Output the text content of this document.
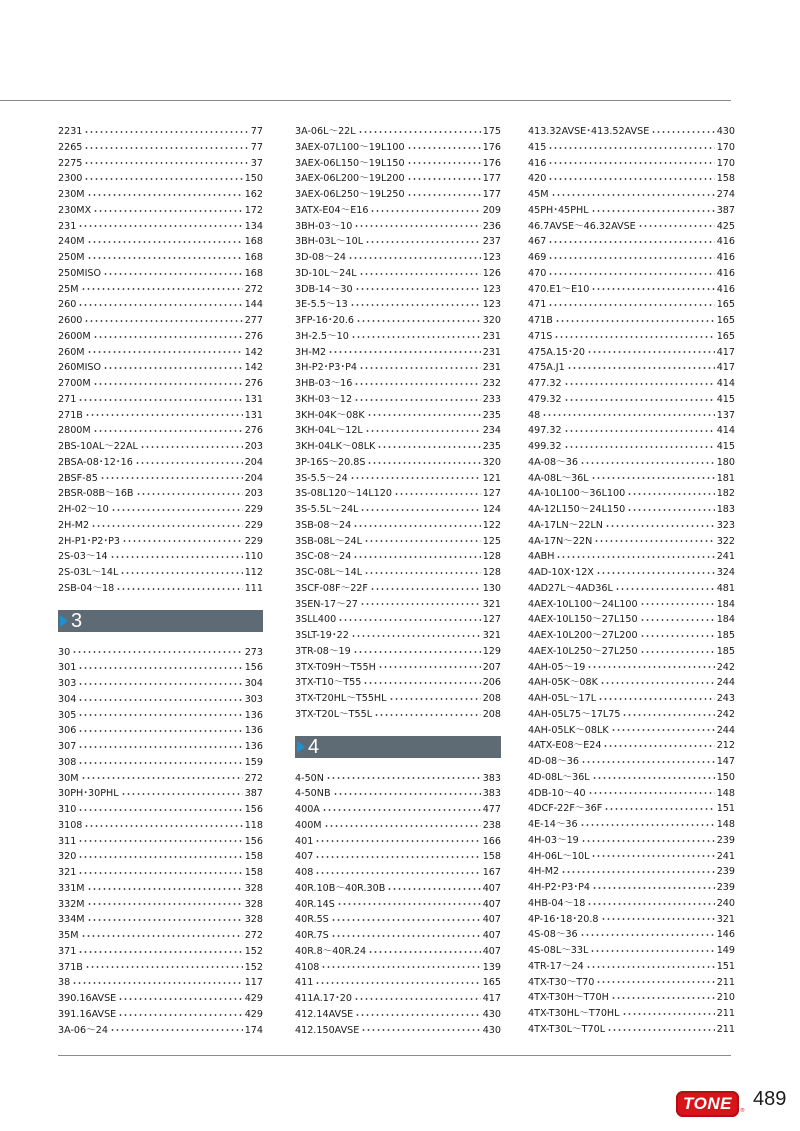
2231	77
2265	77
2275	37
2300	150
230M	162
230MX	172
231	134
240M	168
250M	168
250MISO	168
25M	272
260	144
2600	277
2600M	276
260M	142
260MISO	142
2700M	276
271	131
271B	131
2800M	276
2BS-10AL〜22AL	203
2BSA-08･12･16	204
2BSF-85	204
2BSR-08B〜16B	203
2H-02〜10	229
2H-M2	229
2H-P1･P2･P3	229
2S-03〜14	110
2S-03L〜14L	112
2SB-04〜18	111
3
30	273
301	156
303	304
304	303
305	136
306	136
307	136
308	159
30M	272
30PH･30PHL	387
310	156
3108	118
311	156
320	158
321	158
331M	328
332M	328
334M	328
35M	272
371	152
371B	152
38	117
390.16AVSE	429
391.16AVSE	429
3A-06〜24	174
3A-06L〜22L	175
3AEX-07L100〜19L100	176
3AEX-06L150〜19L150	176
3AEX-06L200〜19L200	177
3AEX-06L250〜19L250	177
3ATX-E04〜E16	209
3BH-03〜10	236
3BH-03L〜10L	237
3D-08〜24	123
3D-10L〜24L	126
3DB-14〜30	123
3E-5.5〜13	123
3FP-16･20.6	320
3H-2.5〜10	231
3H-M2	231
3H-P2･P3･P4	231
3HB-03〜16	232
3KH-03〜12	233
3KH-04K〜08K	235
3KH-04L〜12L	234
3KH-04LK〜08LK	235
3P-16S〜20.8S	320
3S-5.5〜24	121
3S-08L120〜14L120	127
3S-5.5L〜24L	124
3SB-08〜24	122
3SB-08L〜24L	125
3SC-08〜24	128
3SC-08L〜14L	128
3SCF-08F〜22F	130
3SEN-17〜27	321
3SLL400	127
3SLT-19･22	321
3TR-08〜19	129
3TX-T09H〜T55H	207
3TX-T10〜T55	206
3TX-T20HL〜T55HL	208
3TX-T20L〜T55L	208
4
4-50N	383
4-50NB	383
400A	477
400M	238
401	166
407	158
408	167
40R.10B〜40R.30B	407
40R.14S	407
40R.5S	407
40R.7S	407
40R.8〜40R.24	407
4108	139
411	165
411A.17･20	417
412.14AVSE	430
412.150AVSE	430
413.32AVSE･413.52AVSE	430
415	170
416	170
420	158
45M	274
45PH･45PHL	387
46.7AVSE〜46.32AVSE	425
467	416
469	416
470	416
470.E1〜E10	416
471	165
471B	165
471S	165
475A.15･20	417
475A.J1	417
477.32	414
479.32	415
48	137
497.32	414
499.32	415
4A-08〜36	180
4A-08L〜36L	181
4A-10L100〜36L100	182
4A-12L150〜24L150	183
4A-17LN〜22LN	323
4A-17N〜22N	322
4ABH	241
4AD-10X･12X	324
4AD27L〜4AD36L	481
4AEX-10L100〜24L100	184
4AEX-10L150〜27L150	184
4AEX-10L200〜27L200	185
4AEX-10L250〜27L250	185
4AH-05〜19	242
4AH-05K〜08K	244
4AH-05L〜17L	243
4AH-05L75〜17L75	242
4AH-05LK〜08LK	244
4ATX-E08〜E24	212
4D-08〜36	147
4D-08L〜36L	150
4DB-10〜40	148
4DCF-22F〜36F	151
4E-14〜36	148
4H-03〜19	239
4H-06L〜10L	241
4H-M2	239
4H-P2･P3･P4	239
4HB-04〜18	240
4P-16･18･20.8	321
4S-08〜36	146
4S-08L〜33L	149
4TR-17〜24	151
4TX-T30〜T70	211
4TX-T30H〜T70H	210
4TX-T30HL〜T70HL	211
4TX-T30L〜T70L	211
TONE	®
489
